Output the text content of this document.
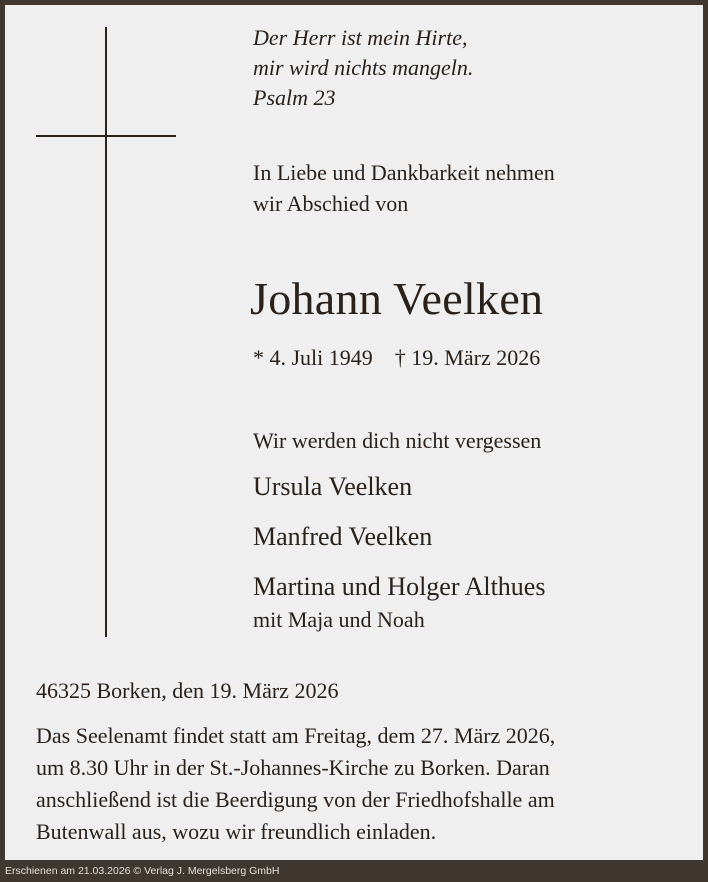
Der Herr ist mein Hirte,
mir wird nichts mangeln.
Psalm 23

In Liebe und Dankbarkeit nehmen
wir Abschied von

Johann Veelken
* 4. Juli 1949 † 19. März 2026
Wir werden dich nicht vergessen
Ursula Veelken
Manfred Veelken
Martina und Holger Althues
mit Maja und Noah
46325 Borken, den 19. März 2026

Das Seelenamt findet statt am Freitag, dem 27. März 2026,
um 8.30 Uhr in der St.-Johannes-Kirche zu Borken. Daran
anschließend ist die Beerdigung von der Friedhofshalle am
Butenwall aus, wozu wir freundlich einladen.

Erschienen am 21.03.2026 © Verlag J. Mergelsberg GmbH
